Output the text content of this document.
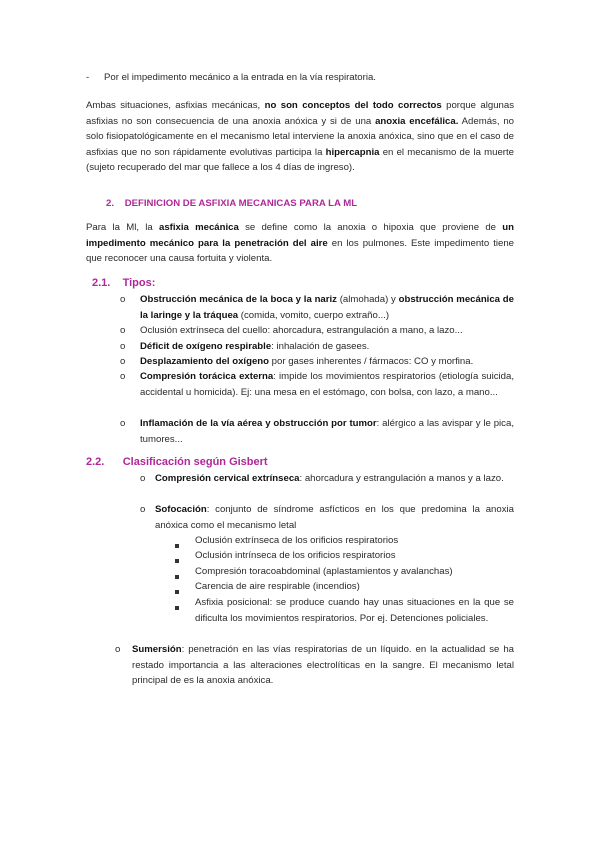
-	Por el impedimento mecánico a la entrada en la vía respiratoria.
Ambas situaciones, asfixias mecánicas, no son conceptos del todo correctos porque algunas asfixias no son consecuencia de una anoxia anóxica y si de una anoxia encefálica. Además, no solo fisiopatológicamente en el mecanismo letal interviene la anoxia anóxica, sino que en el caso de asfixias que no son rápidamente evolutivas participa la hipercapnia en el mecanismo de la muerte (sujeto recuperado del mar que fallece a los 4 días de ingreso).
2. DEFINICION DE ASFIXIA MECANICAS PARA LA ML
Para la Ml, la asfixia mecánica se define como la anoxia o hipoxia que proviene de un impedimento mecánico para la penetración del aire en los pulmones. Este impedimento tiene que reconocer una causa fortuita y violenta.
2.1. Tipos:
o	Obstrucción mecánica de la boca y la nariz (almohada) y obstrucción mecánica de la laringe y la tráquea (comida, vomito, cuerpo extraño...)
o	Oclusión extrínseca del cuello: ahorcadura, estrangulación a mano, a lazo...
o	Déficit de oxígeno respirable: inhalación de gasees.
o	Desplazamiento del oxígeno por gases inherentes / fármacos: CO y morfina.
o	Compresión torácica externa: impide los movimientos respiratorios (etiología suicida, accidental u homicida). Ej: una mesa en el estómago, con bolsa, con lazo, a mano...
o	Inflamación de la vía aérea y obstrucción por tumor: alérgico a las avispar y le pica, tumores...
2.2. Clasificación según Gisbert
o	Compresión cervical extrínseca: ahorcadura y estrangulación a manos y a lazo.
o	Sofocación: conjunto de síndrome asfícticos en los que predomina la anoxia anóxica como el mecanismo letal
Oclusión extrínseca de los orificios respiratorios
Oclusión intrínseca de los orificios respiratorios
Compresión toracoabdominal (aplastamientos y avalanchas)
Carencia de aire respirable (incendios)
Asfixia posicional: se produce cuando hay unas situaciones en la que se dificulta los movimientos respiratorios. Por ej. Detenciones policiales.
o	Sumersión: penetración en las vías respiratorias de un líquido. en la actualidad se ha restado importancia a las alteraciones electrolíticas en la sangre. El mecanismo letal principal de es la anoxia anóxica.
